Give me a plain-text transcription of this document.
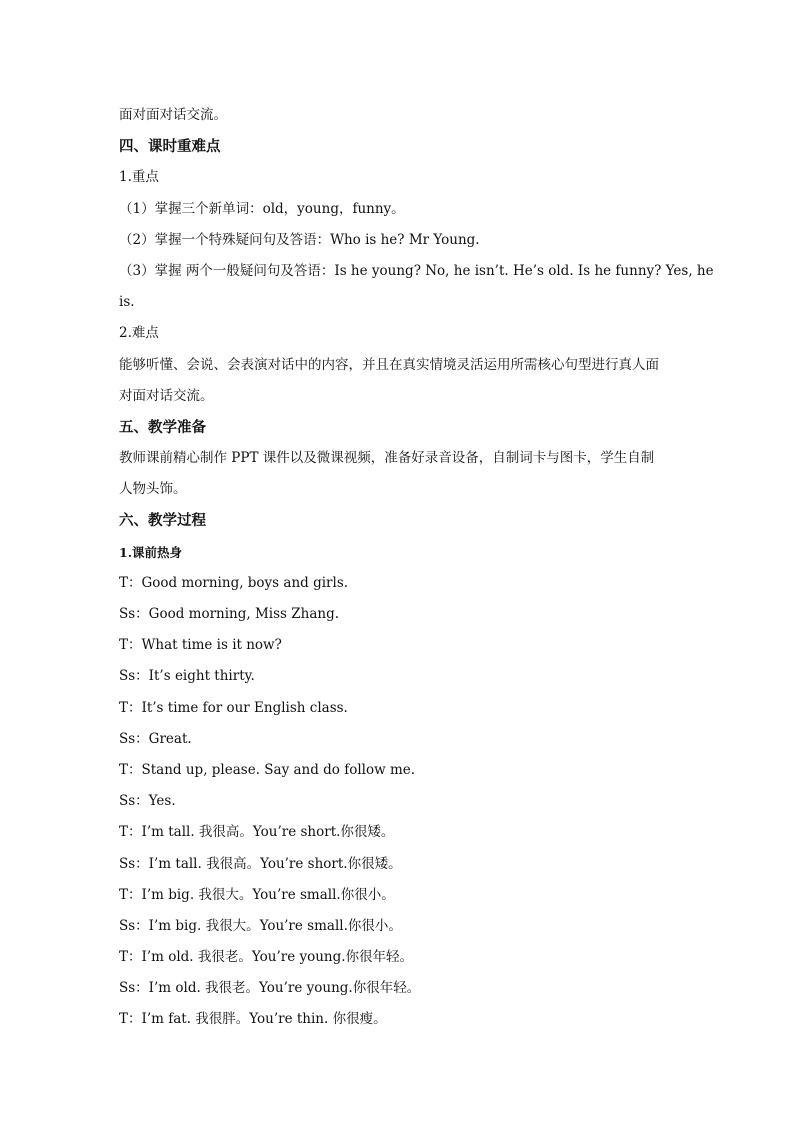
面对面对话交流。
四、课时重难点
1.重点
（1）掌握三个新单词：old，young，funny。
（2）掌握一个特殊疑问句及答语：Who is he? Mr Young.
（3）掌握 两个一般疑问句及答语：Is he young? No, he isn’t. He’s old. Is he funny? Yes, he
is.
2.难点
能够听懂、会说、会表演对话中的内容，并且在真实情境灵活运用所需核心句型进行真人面
对面对话交流。
五、教学准备
教师课前精心制作 PPT 课件以及微课视频，准备好录音设备，自制词卡与图卡，学生自制
人物头饰。
六、教学过程
1.课前热身
T：Good morning, boys and girls.
Ss：Good morning, Miss Zhang.
T：What time is it now?
Ss：It’s eight thirty.
T：It’s time for our English class.
Ss：Great.
T：Stand up, please. Say and do follow me.
Ss：Yes.
T：I’m tall. 我很高。You’re short.你很矮。
Ss：I’m tall. 我很高。You’re short.你很矮。
T：I’m big. 我很大。You’re small.你很小。
Ss：I’m big. 我很大。You’re small.你很小。
T：I’m old. 我很老。You’re young.你很年轻。
Ss：I’m old. 我很老。You’re young.你很年轻。
T：I’m fat. 我很胖。You’re thin. 你很瘦。
